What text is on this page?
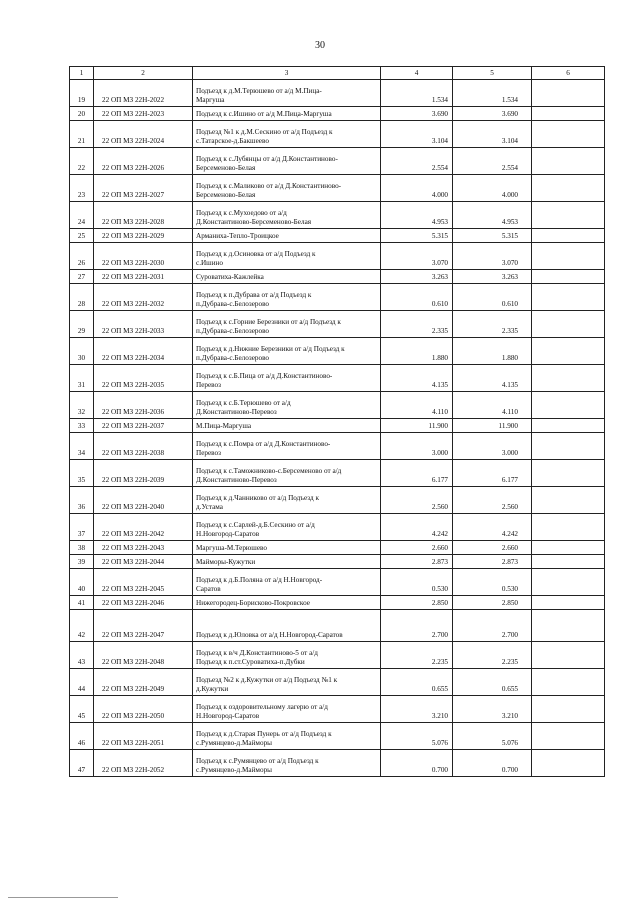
30
1	2	3	4	5	6
19	22 ОП МЗ 22Н-2022	Подъезд к д.М.Терюшево от а/д М.Пица-
Маргуша	1.534	1.534	
20	22 ОП МЗ 22Н-2023	Подъезд к с.Ишино от а/д М.Пица-Маргуша	3.690	3.690	
21	22 ОП МЗ 22Н-2024	Подъезд №1 к д.М.Сескино от а/д Подъезд к
с.Татарское-д.Бакшеево	3.104	3.104	
22	22 ОП МЗ 22Н-2026	Подъезд к с.Лубянцы от а/д Д.Константиново-
Берсеменово-Белая	2.554	2.554	
23	22 ОП МЗ 22Н-2027	Подъезд к с.Маликово от а/д Д.Константиново-
Берсеменово-Белая	4.000	4.000	
24	22 ОП МЗ 22Н-2028	Подъезд к с.Мухоедово от а/д
Д.Константиново-Берсеменово-Белая	4.953	4.953	
25	22 ОП МЗ 22Н-2029	Арманиха-Тепло-Троицкое	5.315	5.315	
26	22 ОП МЗ 22Н-2030	Подъезд к д.Осиновка от а/д Подъезд к
с.Ишино	3.070	3.070	
27	22 ОП МЗ 22Н-2031	Суроватиха-Кажлейка	3.263	3.263	
28	22 ОП МЗ 22Н-2032	Подъезд к п.Дубрава от а/д Подъезд к
п.Дубрава-с.Белозерово	0.610	0.610	
29	22 ОП МЗ 22Н-2033	Подъезд к с.Горние Березники от а/д Подъезд к
п.Дубрава-с.Белозерово	2.335	2.335	
30	22 ОП МЗ 22Н-2034	Подъезд к д.Нижние Березники от а/д Подъезд к
п.Дубрава-с.Белозерово	1.880	1.880	
31	22 ОП МЗ 22Н-2035	Подъезд к с.Б.Пица от а/д Д.Константиново-
Перевоз	4.135	4.135	
32	22 ОП МЗ 22Н-2036	Подъезд к с.Б.Терюшево от а/д
Д.Константиново-Перевоз	4.110	4.110	
33	22 ОП МЗ 22Н-2037	М.Пица-Маргуша	11.900	11.900	
34	22 ОП МЗ 22Н-2038	Подъезд к с.Помра от а/д Д.Константиново-
Перевоз	3.000	3.000	
35	22 ОП МЗ 22Н-2039	Подъезд к с.Таможниково-с.Берсеменово от а/д
Д.Константиново-Перевоз	6.177	6.177	
36	22 ОП МЗ 22Н-2040	Подъезд к д.Чанниково от а/д Подъезд к
д.Устама	2.560	2.560	
37	22 ОП МЗ 22Н-2042	Подъезд к с.Сарлей-д.Б.Сескино от а/д
Н.Новгород-Саратов	4.242	4.242	
38	22 ОП МЗ 22Н-2043	Маргуша-М.Терюшево	2.660	2.660	
39	22 ОП МЗ 22Н-2044	Майморы-Кужутки	2.873	2.873	
40	22 ОП МЗ 22Н-2045	Подъезд к д.Б.Поляна от а/д Н.Новгород-
Саратов	0.530	0.530	
41	22 ОП МЗ 22Н-2046	Нижегородец-Борисково-Покровское	2.850	2.850	
42	22 ОП МЗ 22Н-2047	Подъезд к д.Юловка от а/д Н.Новгород-Саратов	2.700	2.700	
43	22 ОП МЗ 22Н-2048	Подъезд к в/ч Д.Константиново-5 от а/д
Подъезд к п.ст.Суроватиха-п.Дубки	2.235	2.235	
44	22 ОП МЗ 22Н-2049	Подъезд №2 к д.Кужутки от а/д Подъезд №1 к
д.Кужутки	0.655	0.655	
45	22 ОП МЗ 22Н-2050	Подъезд к оздоровительному лагерю от а/д
Н.Новгород-Саратов	3.210	3.210	
46	22 ОП МЗ 22Н-2051	Подъезд к д.Старая Пунерь от а/д Подъезд к
с.Румянцево-д.Майморы	5.076	5.076	
47	22 ОП МЗ 22Н-2052	Подъезд к с.Румянцево от а/д Подъезд к
с.Румянцево-д.Майморы	0.700	0.700	
